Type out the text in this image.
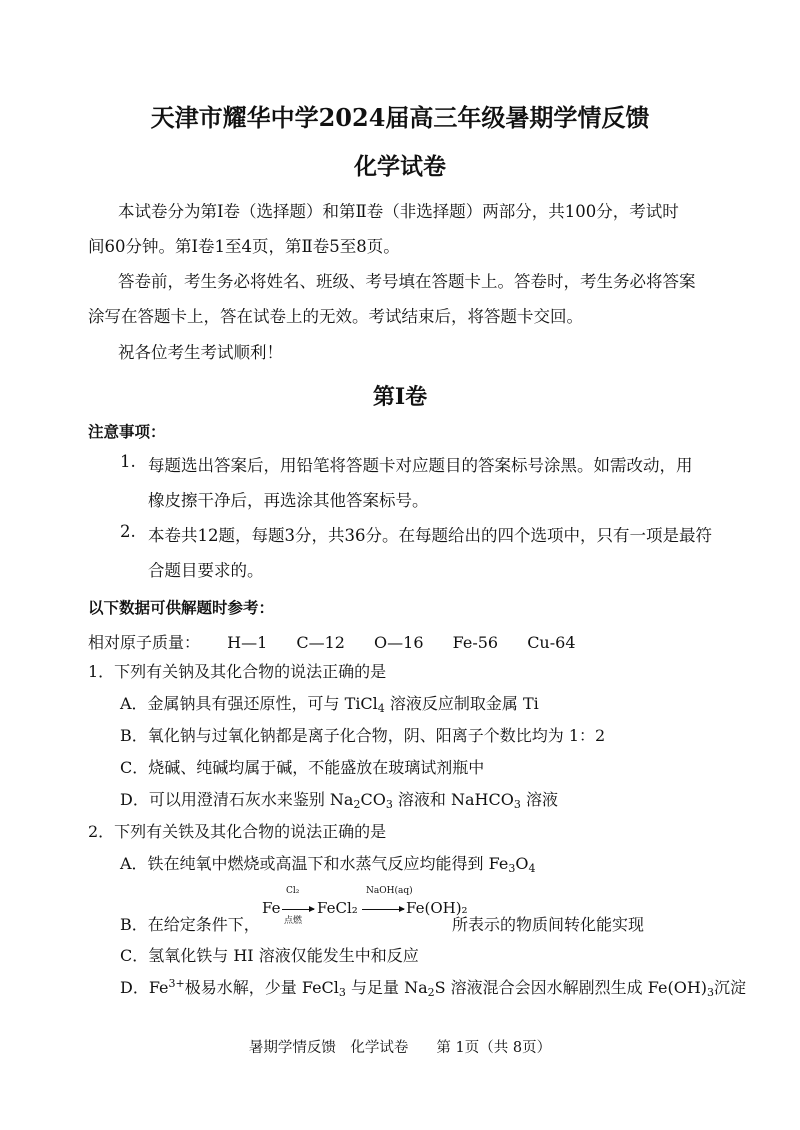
天津市耀华中学2024届高三年级暑期学情反馈
化学试卷
本试卷分为第Ⅰ卷（选择题）和第Ⅱ卷（非选择题）两部分，共100分，考试时
间60分钟。第Ⅰ卷1至4页，第Ⅱ卷5至8页。
答卷前，考生务必将姓名、班级、考号填在答题卡上。答卷时，考生务必将答案
涂写在答题卡上，答在试卷上的无效。考试结束后，将答题卡交回。
祝各位考生考试顺利！
第Ⅰ卷
注意事项：
1. 每题选出答案后，用铅笔将答题卡对应题目的答案标号涂黑。如需改动，用
橡皮擦干净后，再选涂其他答案标号。
2. 本卷共12题，每题3分，共36分。在每题给出的四个选项中，只有一项是最符
合题目要求的。
以下数据可供解题时参考：
相对原子质量： H—1 C—12 O—16 Fe-56 Cu-64
1．下列有关钠及其化合物的说法正确的是
A．金属钠具有强还原性，可与 TiCl$_4$ 溶液反应制取金属 Ti
B．氧化钠与过氧化钠都是离子化合物，阴、阳离子个数比均为 1：2
C．烧碱、纯碱均属于碱，不能盛放在玻璃试剂瓶中
D．可以用澄清石灰水来鉴别 $Na_2CO_3$ 溶液和 NaHCO$_3$ 溶液
2．下列有关铁及其化合物的说法正确的是
A．铁在纯氧中燃烧或高温下和水蒸气反应均能得到 $Fe_3O_4$
B．在给定条件下，
Fe
Cl₂
点燃
FeCl₂
NaOH(aq)
Fe(OH)₂
所表示的物质间转化能实现
C．氢氧化铁与 HI 溶液仅能发生中和反应
D．$Fe^{3+}$极易水解，少量 FeCl$_3$ 与足量 $Na_2S$ 溶液混合会因水解剧烈生成 $Fe(OH)_3$沉淀
暑期学情反馈　化学试卷 第 1页（共 8页）
